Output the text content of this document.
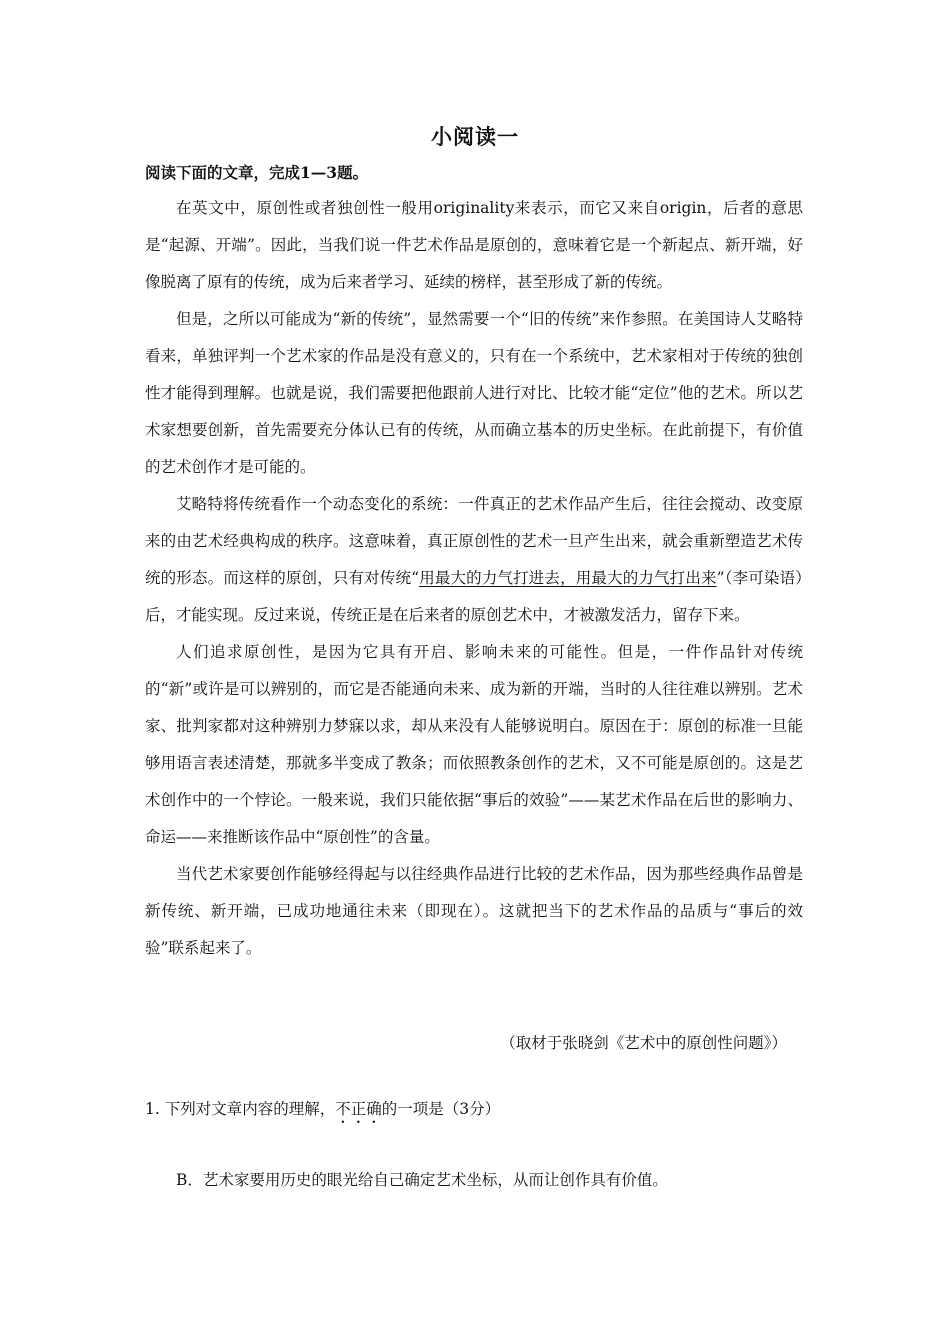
小阅读一
阅读下面的文章，完成1—3题。

在英文中，原创性或者独创性一般用originality来表示，而它又来自origin，后者的意思是“起源、开端”。因此，当我们说一件艺术作品是原创的，意味着它是一个新起点、新开端，好像脱离了原有的传统，成为后来者学习、延续的榜样，甚至形成了新的传统。

但是，之所以可能成为“新的传统”，显然需要一个“旧的传统”来作参照。在美国诗人艾略特看来，单独评判一个艺术家的作品是没有意义的，只有在一个系统中，艺术家相对于传统的独创性才能得到理解。也就是说，我们需要把他跟前人进行对比、比较才能“定位”他的艺术。所以艺术家想要创新，首先需要充分体认已有的传统，从而确立基本的历史坐标。在此前提下，有价值的艺术创作才是可能的。

艾略特将传统看作一个动态变化的系统：一件真正的艺术作品产生后，往往会搅动、改变原来的由艺术经典构成的秩序。这意味着，真正原创性的艺术一旦产生出来，就会重新塑造艺术传统的形态。而这样的原创，只有对传统“用最大的力气打进去，用最大的力气打出来”（李可染语）后，才能实现。反过来说，传统正是在后来者的原创艺术中，才被激发活力，留存下来。

人们追求原创性，是因为它具有开启、影响未来的可能性。但是，一件作品针对传统的“新”或许是可以辨别的，而它是否能通向未来、成为新的开端，当时的人往往难以辨别。艺术家、批判家都对这种辨别力梦寐以求，却从来没有人能够说明白。原因在于：原创的标准一旦能够用语言表述清楚，那就多半变成了教条；而依照教条创作的艺术，又不可能是原创的。这是艺术创作中的一个悖论。一般来说，我们只能依据“事后的效验”——某艺术作品在后世的影响力、命运——来推断该作品中“原创性”的含量。

当代艺术家要创作能够经得起与以往经典作品进行比较的艺术作品，因为那些经典作品曾是新传统、新开端，已成功地通往未来（即现在）。这就把当下的艺术作品的品质与“事后的效验”联系起来了。

（取材于张晓剑《艺术中的原创性问题》）
1. 下列对文章内容的理解，不正确的一项是（3分）
B．艺术家要用历史的眼光给自己确定艺术坐标，从而让创作具有价值。
